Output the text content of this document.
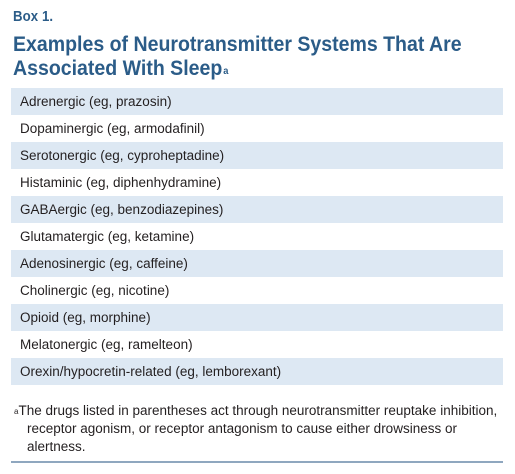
Box 1.
Examples of Neurotransmitter Systems That Are Associated With Sleep$^a$
Adrenergic (eg, prazosin)
Dopaminergic (eg, armodafinil)
Serotonergic (eg, cyproheptadine)
Histaminic (eg, diphenhydramine)
GABAergic (eg, benzodiazepines)
Glutamatergic (eg, ketamine)
Adenosinergic (eg, caffeine)
Cholinergic (eg, nicotine)
Opioid (eg, morphine)
Melatonergic (eg, ramelteon)
Orexin/hypocretin-related (eg, lemborexant)
$^a$The drugs listed in parentheses act through neurotransmitter reuptake inhibition,
receptor agonism, or receptor antagonism to cause either drowsiness or
alertness.
